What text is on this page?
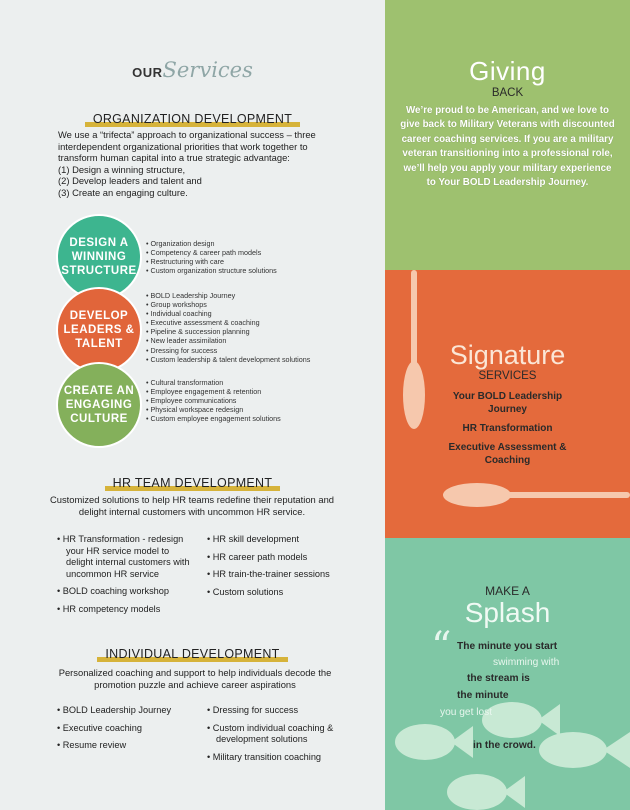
OURServices
ORGANIZATION DEVELOPMENT
We use a “trifecta” approach to organizational success – three interdependent organizational priorities that work together to transform human capital into a true strategic advantage:
(1) Design a winning structure,
(2) Develop leaders and talent and
(3) Create an engaging culture.
DESIGN A WINNING STRUCTURE
DEVELOP LEADERS & TALENT
CREATE AN ENGAGING CULTURE
• Organization design
• Competency & career path models
• Restructuring with care
• Custom organization structure solutions
• BOLD Leadership Journey
• Group workshops
• Individual coaching
• Executive assessment & coaching
• Pipeline & succession planning
• New leader assimilation
• Dressing for success
• Custom leadership & talent development solutions
• Cultural transformation
• Employee engagement & retention
• Employee communications
• Physical workspace redesign
• Custom employee engagement solutions
HR TEAM DEVELOPMENT
Customized solutions to help HR teams redefine their reputation and delight internal customers with uncommon HR service.
• HR Transformation - redesign your HR service model to delight internal customers with uncommon HR service
• BOLD coaching workshop
• HR competency models
• HR skill development
• HR career path models
• HR train-the-trainer sessions
• Custom solutions
INDIVIDUAL DEVELOPMENT
Personalized coaching and support to help individuals decode the promotion puzzle and achieve career aspirations
• BOLD Leadership Journey
• Executive coaching
• Resume review
• Dressing for success
• Custom individual coaching & development solutions
• Military transition coaching
Giving
BACK
We’re proud to be American, and we love to give back to Military Veterans with discounted career coaching services. If you are a military veteran transitioning into a professional role, we’ll help you apply your military experience to Your BOLD Leadership Journey.
Signature
SERVICES
Your BOLD Leadership Journey
HR Transformation
Executive Assessment & Coaching
MAKE A
Splash
“ The minute you start
swimming with
the stream is
the minute
you get lost
in the crowd.
